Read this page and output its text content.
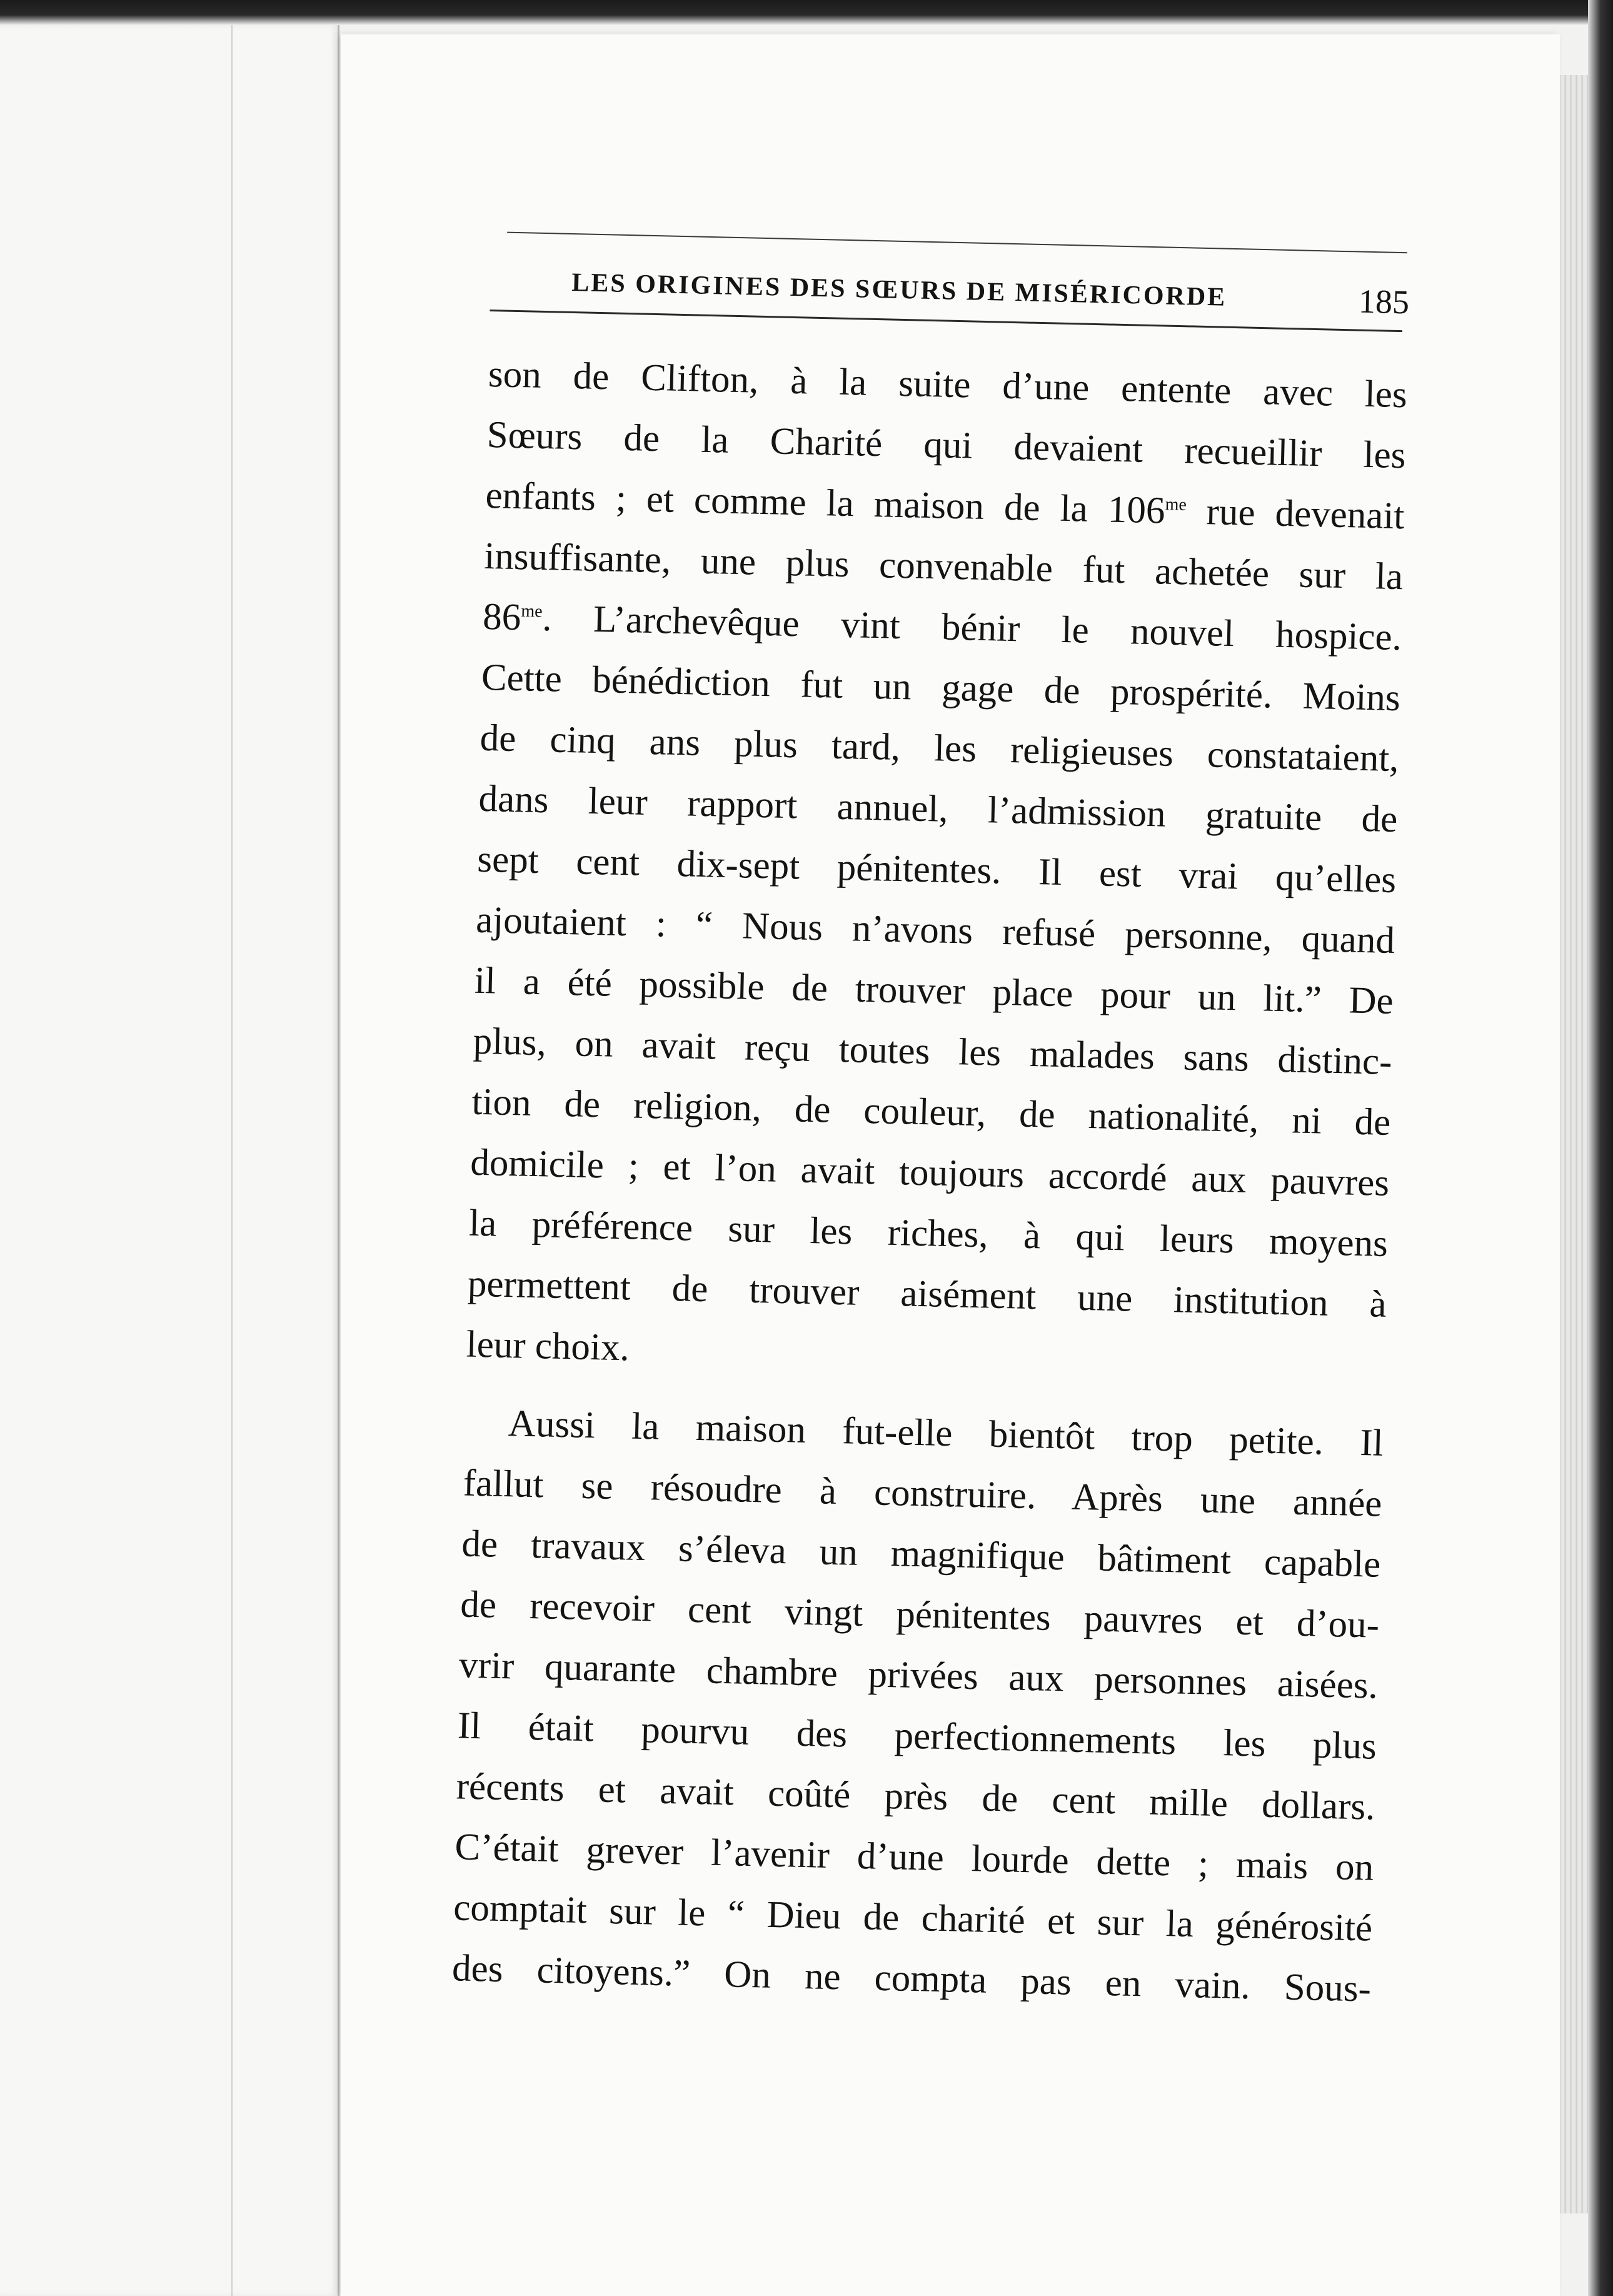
LES ORIGINES DES SŒURS DE MISÉRICORDE	185
son de Clifton, à la suite d’une entente avec les
Sœurs de la Charité qui devaient recueillir les
enfants ; et comme la maison de la $106^{me}$ rue devenait
insuffisante, une plus convenable fut achetée sur la
$86^{me}$. L’archevêque vint bénir le nouvel hospice.
Cette bénédiction fut un gage de prospérité. Moins
de cinq ans plus tard, les religieuses constataient,
dans leur rapport annuel, l’admission gratuite de
sept cent dix-sept pénitentes. Il est vrai qu’elles
ajoutaient : “ Nous n’avons refusé personne, quand
il a été possible de trouver place pour un lit.” De
plus, on avait reçu toutes les malades sans distinc-
tion de religion, de couleur, de nationalité, ni de
domicile ; et l’on avait toujours accordé aux pauvres
la préférence sur les riches, à qui leurs moyens
permettent de trouver aisément une institution à
leur choix.
Aussi la maison fut-elle bientôt trop petite. Il
fallut se résoudre à construire. Après une année
de travaux s’éleva un magnifique bâtiment capable
de recevoir cent vingt pénitentes pauvres et d’ou-
vrir quarante chambre privées aux personnes aisées.
Il était pourvu des perfectionnements les plus
récents et avait coûté près de cent mille dollars.
C’était grever l’avenir d’une lourde dette ; mais on
comptait sur le “ Dieu de charité et sur la générosité
des citoyens.” On ne compta pas en vain. Sous-
